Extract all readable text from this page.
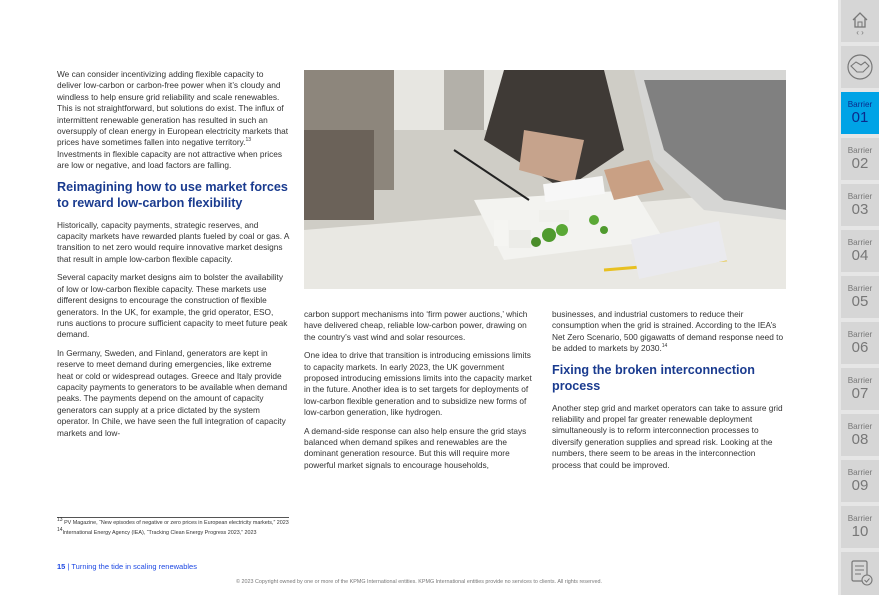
We can consider incentivizing adding flexible capacity to deliver low-carbon or carbon-free power when it’s cloudy and windless to help ensure grid reliability and scale renewables. This is not straightforward, but solutions do exist. The influx of intermittent renewable generation has resulted in such an oversupply of clean energy in European electricity markets that prices have sometimes fallen into negative territory.$^{13}$ Investments in flexible capacity are not attractive when prices are low or negative, and load factors are falling.

Reimagining how to use market forces to reward low-carbon flexibility

Historically, capacity payments, strategic reserves, and capacity markets have rewarded plants fueled by coal or gas. A transition to net zero would require innovative market designs that result in ample low-carbon flexible capacity.

Several capacity market designs aim to bolster the availability of low or low-carbon flexible capacity. These markets use different designs to encourage the construction of flexible generators. In the UK, for example, the grid operator, ESO, runs auctions to procure sufficient capacity to meet future peak demand.

In Germany, Sweden, and Finland, generators are kept in reserve to meet demand during emergencies, like extreme heat or cold or widespread outages. Greece and Italy provide capacity payments to generators to be available when demand peaks. The payments depend on the amount of capacity generators can supply at a price dictated by the system operator. In Chile, we have seen the full integration of capacity markets and low-

carbon support mechanisms into ‘firm power auctions,’ which have delivered cheap, reliable low-carbon power, drawing on the country’s vast wind and solar resources.

One idea to drive that transition is introducing emissions limits to capacity markets. In early 2023, the UK government proposed introducing emissions limits into the capacity market in the future. Another idea is to set targets for deployments of low-carbon flexible generation and to subsidize new forms of low-carbon generation, like hydrogen.

A demand-side response can also help ensure the grid stays balanced when demand spikes and renewables are the dominant generation resource. But this will require more powerful market signals to encourage households,

businesses, and industrial customers to reduce their consumption when the grid is strained. According to the IEA’s Net Zero Scenario, 500 gigawatts of demand response need to be added to markets by 2030.14

Fixing the broken interconnection process

Another step grid and market operators can take to assure grid reliability and propel far greater renewable deployment simultaneously is to reform interconnection processes to diversify generation supplies and spread risk. Looking at the numbers, there seem to be areas in the interconnection process that could be improved.

$^{13}$ PV Magazine, “New episodes of negative or zero prices in European electricity markets,” 2023
$^{14}$International Energy Agency (IEA), “Tracking Clean Energy Progress 2023,” 2023
15 | Turning the tide in scaling renewables
© 2023 Copyright owned by one or more of the KPMG International entities. KPMG International entities provide no services to clients. All rights reserved.
‹ ›
Barrier
01
Barrier
02
Barrier
03
Barrier
04
Barrier
05
Barrier
06
Barrier
07
Barrier
08
Barrier
09
Barrier
10
